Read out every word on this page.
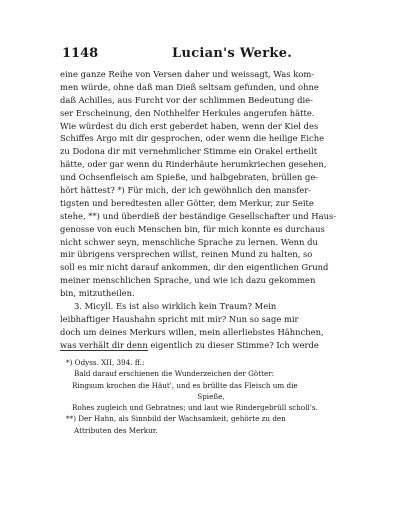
1148	Lucian's Werke.
eine ganze Reihe von Versen daher und weissagt, Was kom-
men würde, ohne daß man Dieß seltsam gefunden, und ohne
daß Achilles, aus Furcht vor der schlimmen Bedeutung die-
ser Erscheinung, den Nothhelfer Herkules angerufen hätte.
Wie würdest du dich erst geberdet haben, wenn der Kiel des
Schiffes Argo mit dir gesprochen, oder wenn die heilige Eiche
zu Dodona dir mit vernehmlicher Stimme ein Orakel ertheilt
hätte, oder gar wenn du Rinderhäute herumkriechen gesehen,
und Ochsenfleisch am Spieße, und halbgebraten, brüllen ge-
hört hättest? *) Für mich, der ich gewöhnlich den mansfer-
tigsten und beredtesten aller Götter, dem Merkur, zur Seite
stehe, **) und überdieß der beständige Gesellschafter und Haus-
genosse von euch Menschen bin, für mich konnte es durchaus
nicht schwer seyn, menschliche Sprache zu lernen. Wenn du
mir übrigens versprechen willst, reinen Mund zu halten, so
soll es mir nicht darauf ankommen, dir den eigentlichen Grund
meiner menschlichen Sprache, und wie ich dazu gekommen
bin, mitzutheilen.
3. Micyll. Es ist also wirklich kein Traum? Mein
leibhaftiger Haushahn spricht mit mir? Nun so sage mir
doch um deines Merkurs willen, mein allerliebstes Hähnchen,
was verhält dir denn eigentlich zu dieser Stimme? Ich werde
*) Odyss. XII, 394. ff.:
Bald darauf erschienen die Wunderzeichen der Götter:
Ringsum krochen die Häut', und es brüllte das Fleisch um die
Spieße,
Rohes zugleich und Gebratnes; und laut wie Rindergebrüll scholl's.
**) Der Hahn, als Sinnbild der Wachsamkeit, gehörte zu den
Attributen des Merkur.
